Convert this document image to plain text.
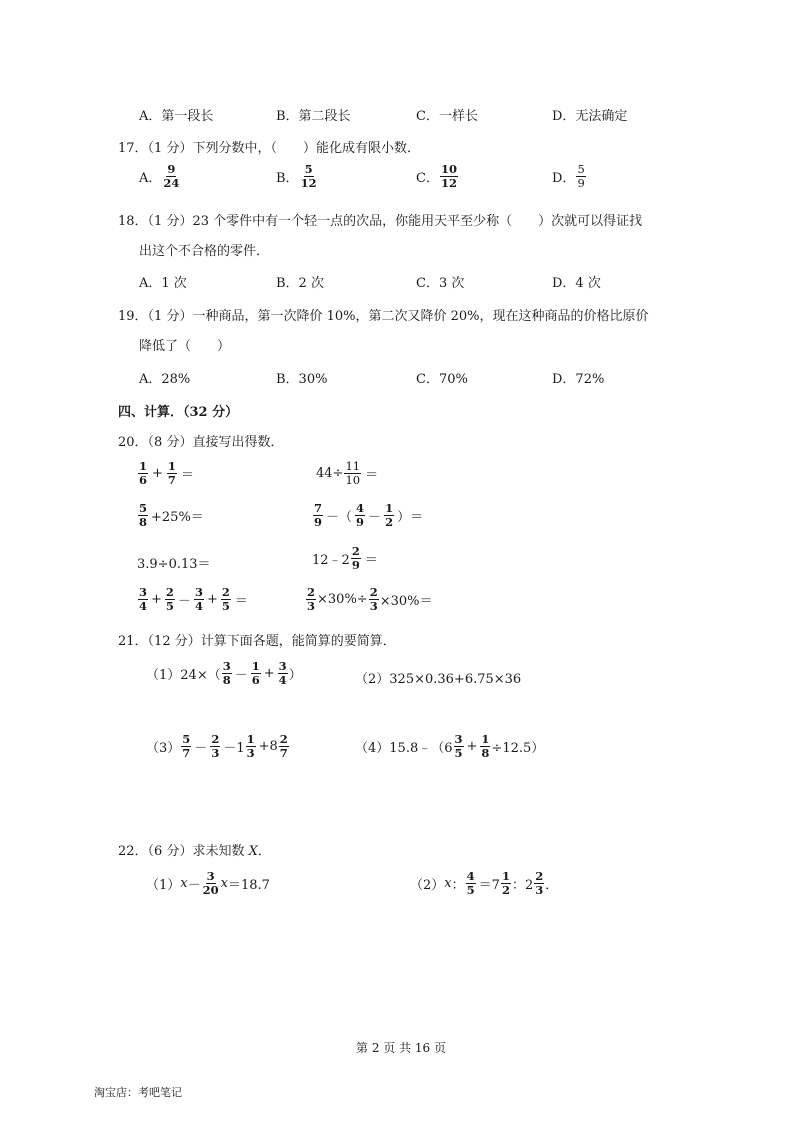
A．第一段长	B．第二段长	C．一样长	D．无法确定
17．（1 分）下列分数中，（　　）能化成有限小数．
A． $\frac{9}{24}$	B． $\frac{5}{12}$	C． $\frac{10}{12}$	D． $\frac{5}{9}$
18．（1 分）23 个零件中有一个轻一点的次品，你能用天平至少称（　　）次就可以得证找
出这个不合格的零件．
A．1 次	B．2 次	C．3 次	D．4 次
19．（1 分）一种商品，第一次降价 10%，第二次又降价 20%，现在这种商品的价格比原价
降低了（　　）
A．28%	B．30%	C．70%	D．72%
四、计算．（32 分）
20．（8 分）直接写出得数．
$\frac{1}{6} + \frac{1}{7}$ ＝	$44\div \frac{11}{10}$ ＝
$\frac{5}{8} +25\%=$	$\frac{7}{9}$ －（ $\frac{4}{9} - \frac{1}{2}$ ）＝
3.9÷0.13＝	12﹣2 $\frac{2}{9}$ ＝
$\frac{3}{4} + \frac{2}{5} - \frac{3}{4} + \frac{2}{5}$ ＝	$\frac{2}{3} \times 30\%\div \frac{2}{3} \times 30\%=$
21．（12 分）计算下面各题，能简算的要简算．
$(1)24\times( \frac{3}{8} - \frac{1}{6} + \frac{3}{4}$ ）	（2）325×0.36+6.75×36
$(3) \frac{5}{7} - \frac{2}{3} -1 \frac{1}{3} +8 \frac{2}{7}$	（4）15.8﹣（6 $\frac{3}{5} + \frac{1}{8} \div 12.5$）
22．（6 分）求未知数 X．
（1） $x - \frac{3}{20}$ x ＝18.7	（2） x ： $\frac{4}{5} =7 \frac{1}{2}$ ：$2 \frac{2}{3}$ ．
第 2 页 共 16 页
淘宝店：考吧笔记
